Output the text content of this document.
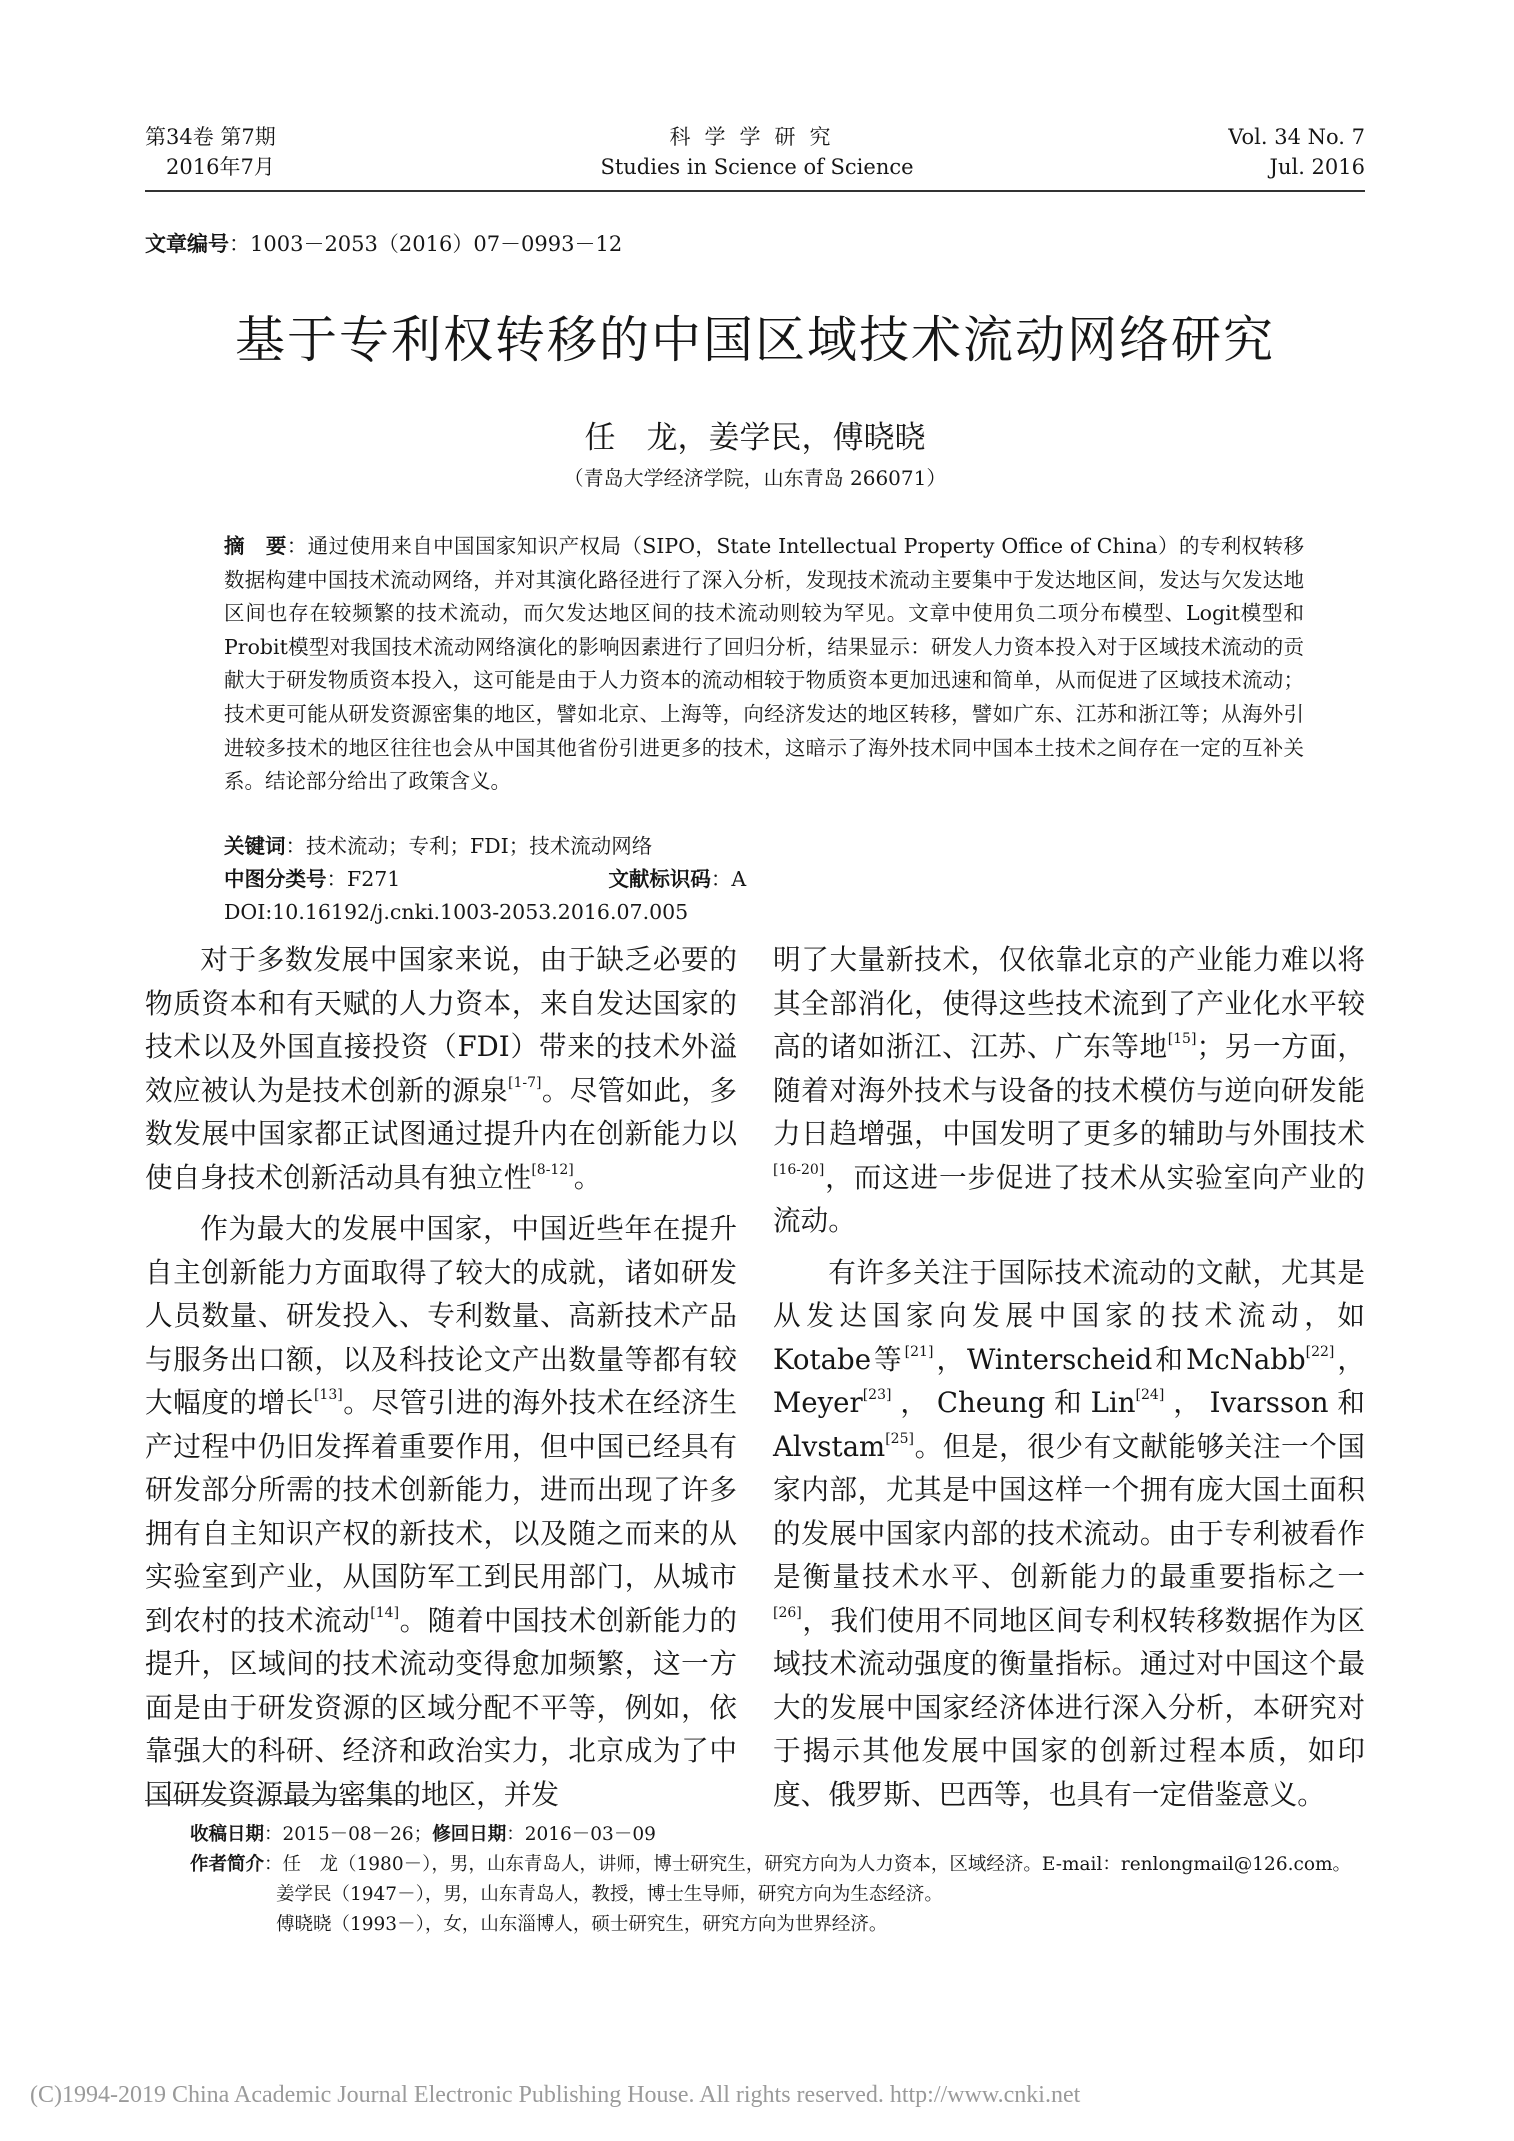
第34卷 第7期
2016年7月
科学学研究
Studies in Science of Science
Vol. 34 No. 7
Jul. 2016
文章编号：1003－2053（2016）07－0993－12
基于专利权转移的中国区域技术流动网络研究
任　龙，姜学民，傅晓晓
（青岛大学经济学院，山东青岛 266071）

摘　要：通过使用来自中国国家知识产权局（SIPO，State Intellectual Property Office of China）的专利权转移数据构建中国技术流动网络，并对其演化路径进行了深入分析，发现技术流动主要集中于发达地区间，发达与欠发达地区间也存在较频繁的技术流动，而欠发达地区间的技术流动则较为罕见。文章中使用负二项分布模型、Logit模型和Probit模型对我国技术流动网络演化的影响因素进行了回归分析，结果显示：研发人力资本投入对于区域技术流动的贡献大于研发物质资本投入，这可能是由于人力资本的流动相较于物质资本更加迅速和简单，从而促进了区域技术流动；技术更可能从研发资源密集的地区，譬如北京、上海等，向经济发达的地区转移，譬如广东、江苏和浙江等；从海外引进较多技术的地区往往也会从中国其他省份引进更多的技术，这暗示了海外技术同中国本土技术之间存在一定的互补关系。结论部分给出了政策含义。

关键词：技术流动；专利；FDI；技术流动网络
中图分类号：F271	文献标识码：A
DOI:10.16192/j.cnki.1003-2053.2016.07.005

对于多数发展中国家来说，由于缺乏必要的物质资本和有天赋的人力资本，来自发达国家的技术以及外国直接投资（FDI）带来的技术外溢效应被认为是技术创新的源泉[1-7]。尽管如此，多数发展中国家都正试图通过提升内在创新能力以使自身技术创新活动具有独立性[8-12]。

作为最大的发展中国家，中国近些年在提升自主创新能力方面取得了较大的成就，诸如研发人员数量、研发投入、专利数量、高新技术产品与服务出口额，以及科技论文产出数量等都有较大幅度的增长[13]。尽管引进的海外技术在经济生产过程中仍旧发挥着重要作用，但中国已经具有研发部分所需的技术创新能力，进而出现了许多拥有自主知识产权的新技术，以及随之而来的从实验室到产业，从国防军工到民用部门，从城市到农村的技术流动[14]。随着中国技术创新能力的提升，区域间的技术流动变得愈加频繁，这一方面是由于研发资源的区域分配不平等，例如，依靠强大的科研、经济和政治实力，北京成为了中国研发资源最为密集的地区，并发

明了大量新技术，仅依靠北京的产业能力难以将其全部消化，使得这些技术流到了产业化水平较高的诸如浙江、江苏、广东等地[15]；另一方面，随着对海外技术与设备的技术模仿与逆向研发能力日趋增强，中国发明了更多的辅助与外围技术[16-20]，而这进一步促进了技术从实验室向产业的流动。

有许多关注于国际技术流动的文献，尤其是从发达国家向发展中国家的技术流动，如Kotabe等[21]，Winterscheid和McNabb[22]，Meyer[23]，Cheung和Lin[24]，Ivarsson和Alvstam[25]。但是，很少有文献能够关注一个国家内部，尤其是中国这样一个拥有庞大国土面积的发展中国家内部的技术流动。由于专利被看作是衡量技术水平、创新能力的最重要指标之一[26]，我们使用不同地区间专利权转移数据作为区域技术流动强度的衡量指标。通过对中国这个最大的发展中国家经济体进行深入分析，本研究对于揭示其他发展中国家的创新过程本质，如印度、俄罗斯、巴西等，也具有一定借鉴意义。

收稿日期：2015－08－26；修回日期：2016－03－09
作者简介：任　龙（1980－），男，山东青岛人，讲师，博士研究生，研究方向为人力资本，区域经济。E-mail：renlongmail@126.com。
姜学民（1947－），男，山东青岛人，教授，博士生导师，研究方向为生态经济。
傅晓晓（1993－），女，山东淄博人，硕士研究生，研究方向为世界经济。
(C)1994-2019 China Academic Journal Electronic Publishing House. All rights reserved. http://www.cnki.net
